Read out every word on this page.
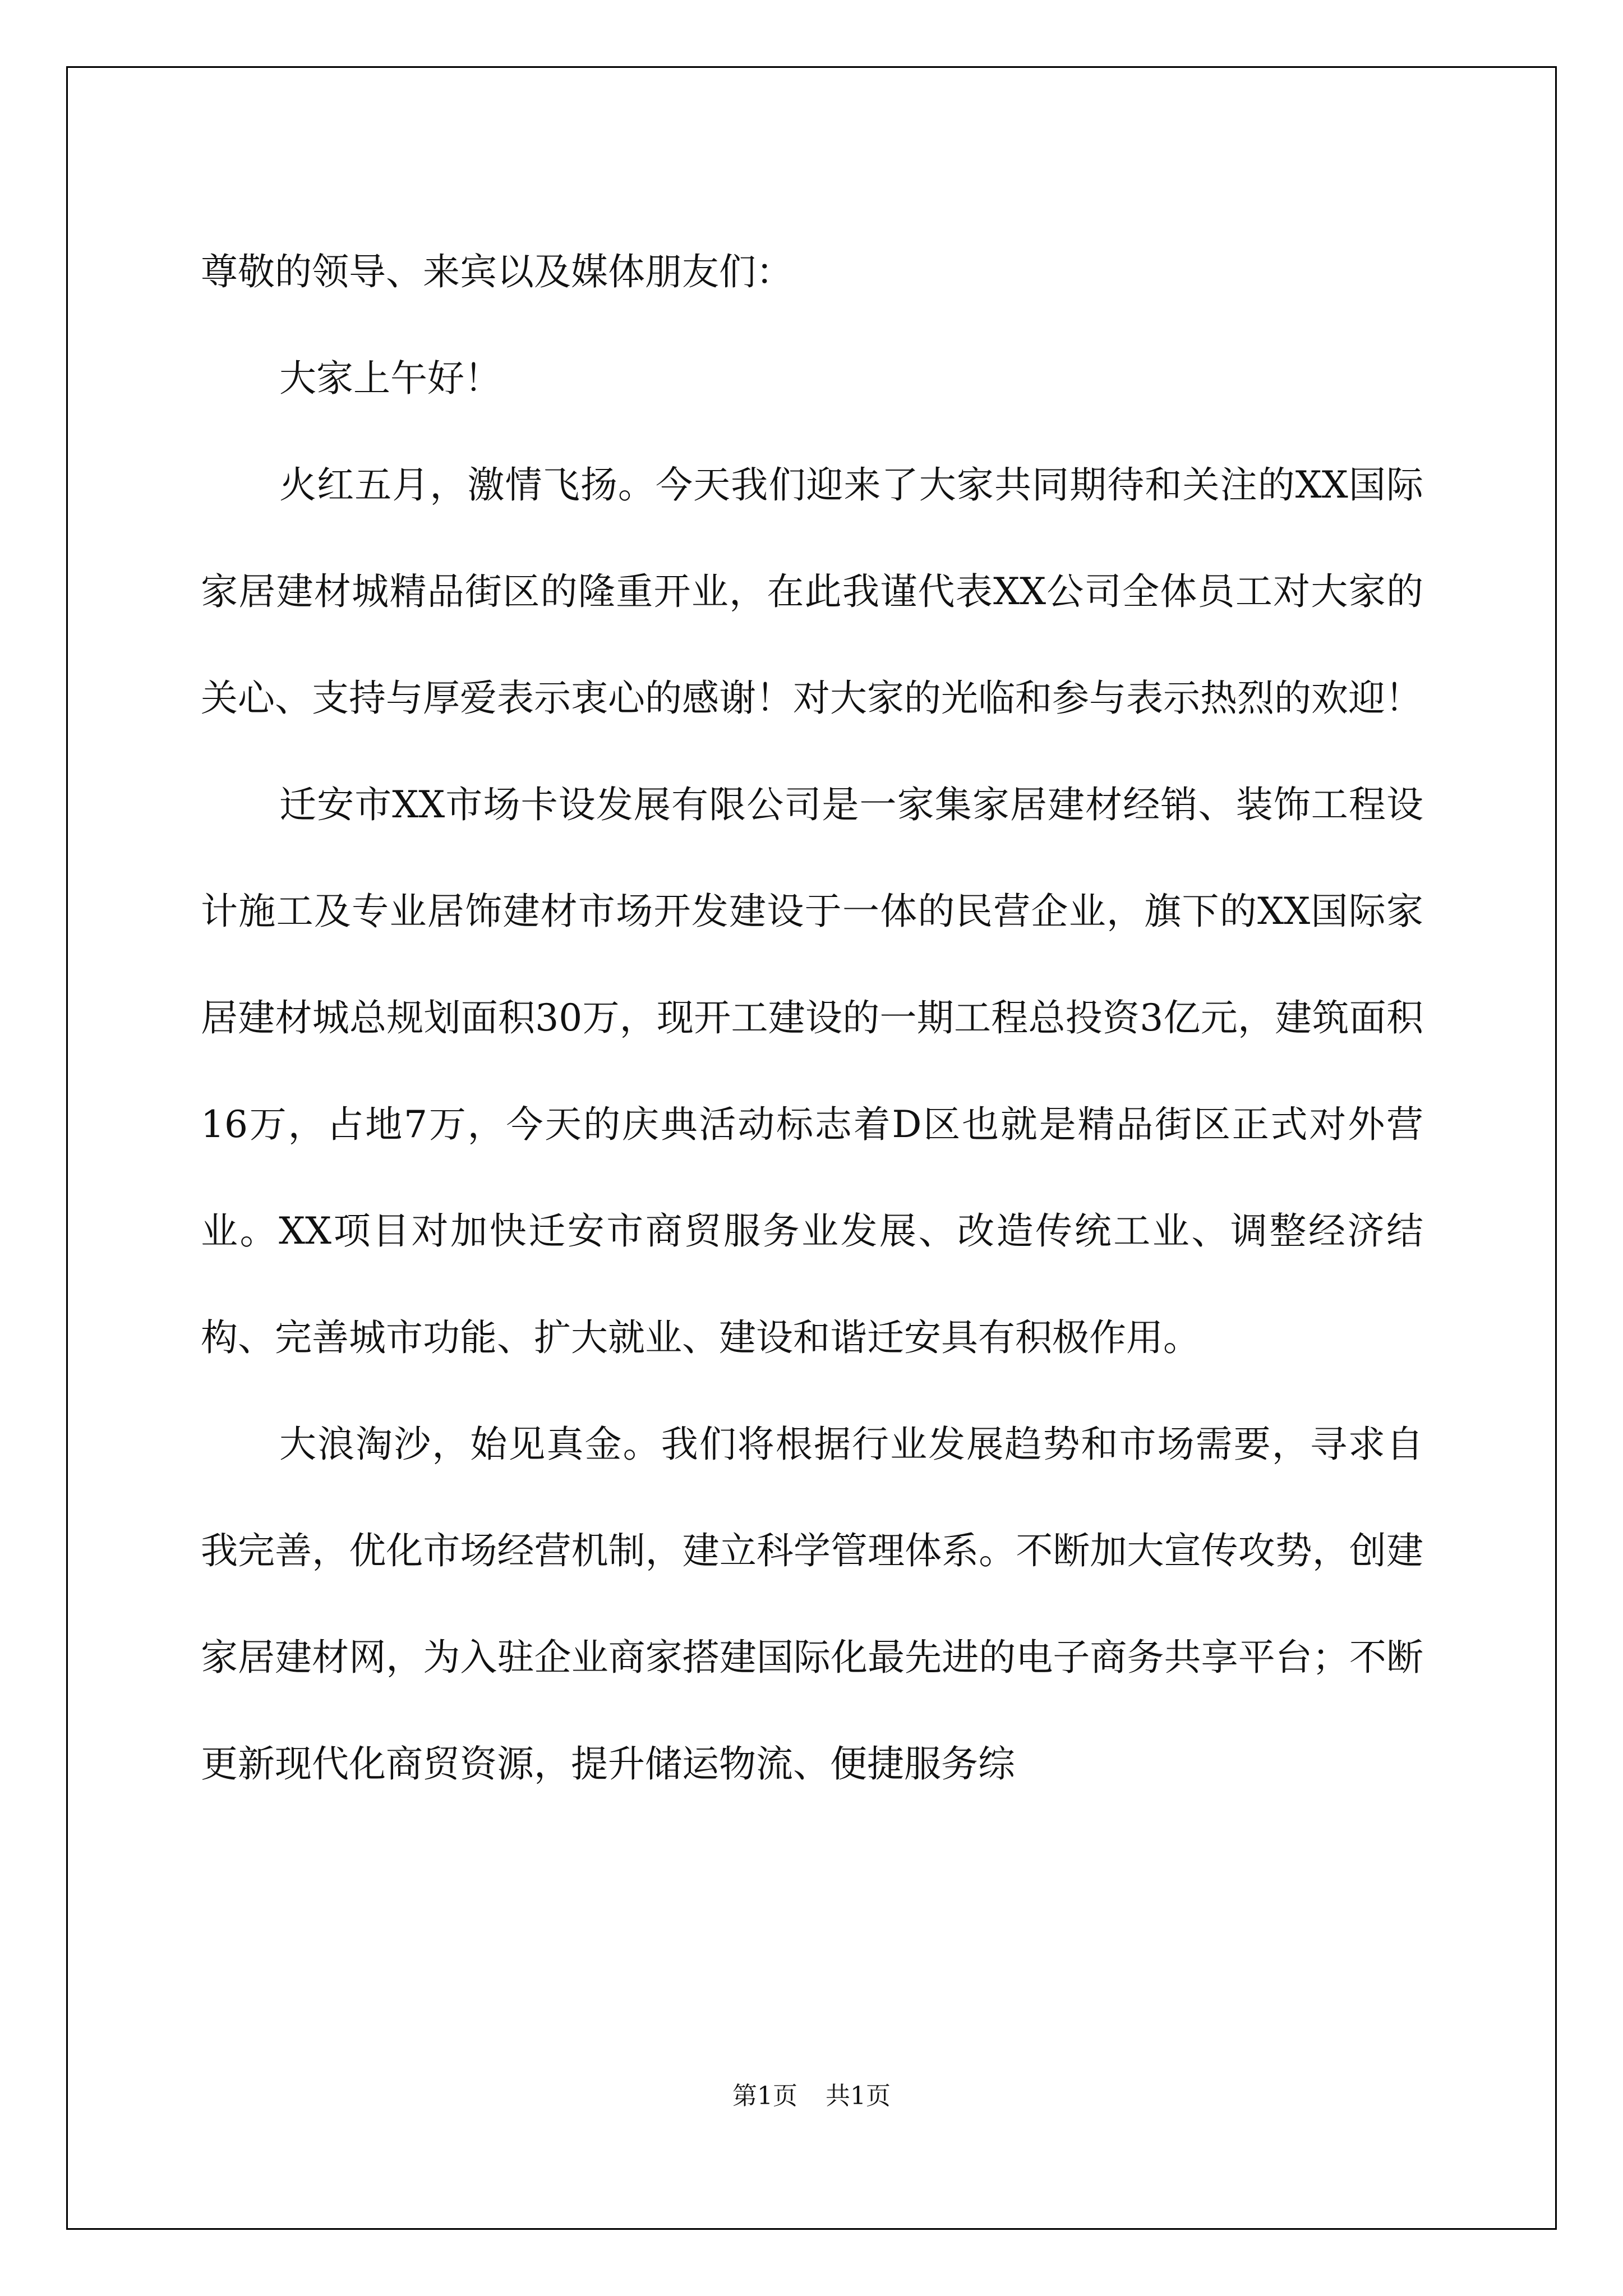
尊敬的领导、来宾以及媒体朋友们：

大家上午好！

火红五月，激情飞扬。今天我们迎来了大家共同期待和关注的XX国际家居建材城精品街区的隆重开业，在此我谨代表XX公司全体员工对大家的关心、支持与厚爱表示衷心的感谢！对大家的光临和参与表示热烈的欢迎！

迁安市XX市场卡设发展有限公司是一家集家居建材经销、装饰工程设计施工及专业居饰建材市场开发建设于一体的民营企业，旗下的XX国际家居建材城总规划面积30万，现开工建设的一期工程总投资3亿元，建筑面积16万，占地7万，今天的庆典活动标志着D区也就是精品街区正式对外营业。XX项目对加快迁安市商贸服务业发展、改造传统工业、调整经济结构、完善城市功能、扩大就业、建设和谐迁安具有积极作用。

大浪淘沙，始见真金。我们将根据行业发展趋势和市场需要，寻求自我完善，优化市场经营机制，建立科学管理体系。不断加大宣传攻势，创建家居建材网，为入驻企业商家搭建国际化最先进的电子商务共享平台；不断更新现代化商贸资源，提升储运物流、便捷服务综

第1页 共1页
